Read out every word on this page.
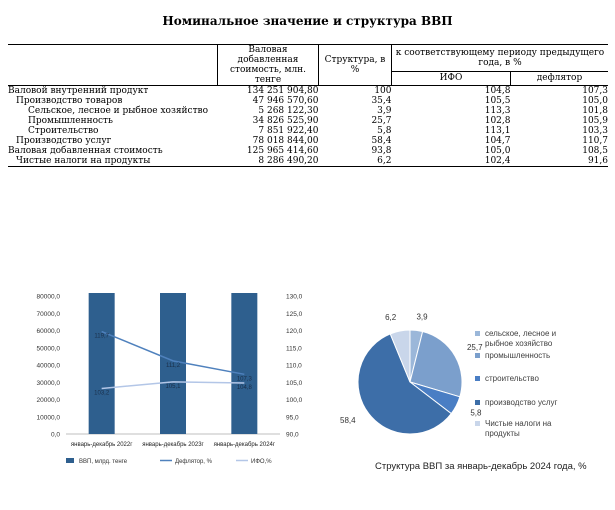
Номинальное значение и структура ВВП
	Валовая добавленная стоимость, млн. тенге	Структура, в %	к соответствующему периоду предыдущего года, в %	
			ИФО	дефлятор
Валовой внутренний продукт	134 251 904,80	100	104,8	107,3
Производство товаров	47 946 570,60	35,4	105,5	105,0
Сельское, лесное и рыбное хозяйство	5 268 122,30	3,9	113,3	101,8
Промышленность	34 826 525,90	25,7	102,8	105,9
Строительство	7 851 922,40	5,8	113,1	103,3
Производство услуг	78 018 844,00	58,4	104,7	110,7
Валовая добавленная стоимость	125 965 414,60	93,8	105,0	108,5
Чистые налоги на продукты	8 286 490,20	6,2	102,4	91,6
0,0
10000,0
20000,0
30000,0
40000,0
50000,0
60000,0
70000,0
80000,0
90,0
95,0
100,0
105,0
110,0
115,0
120,0
125,0
130,0
119,7
111,2
107,3
103,2
105,1	104,8
январь-декабрь 2022г январь-декабрь 2023г январь-декабрь 2024г
ВВП, млрд. тенге	Дефлятор, %	ИФО,%
3,9
25,7
5,8
58,4
6,2
сельское, лесное и рыбное хозяйство
промышленность
строительство
производство услуг
Чистые налоги на продукты
Структура ВВП за январь-декабрь 2024 года, %
